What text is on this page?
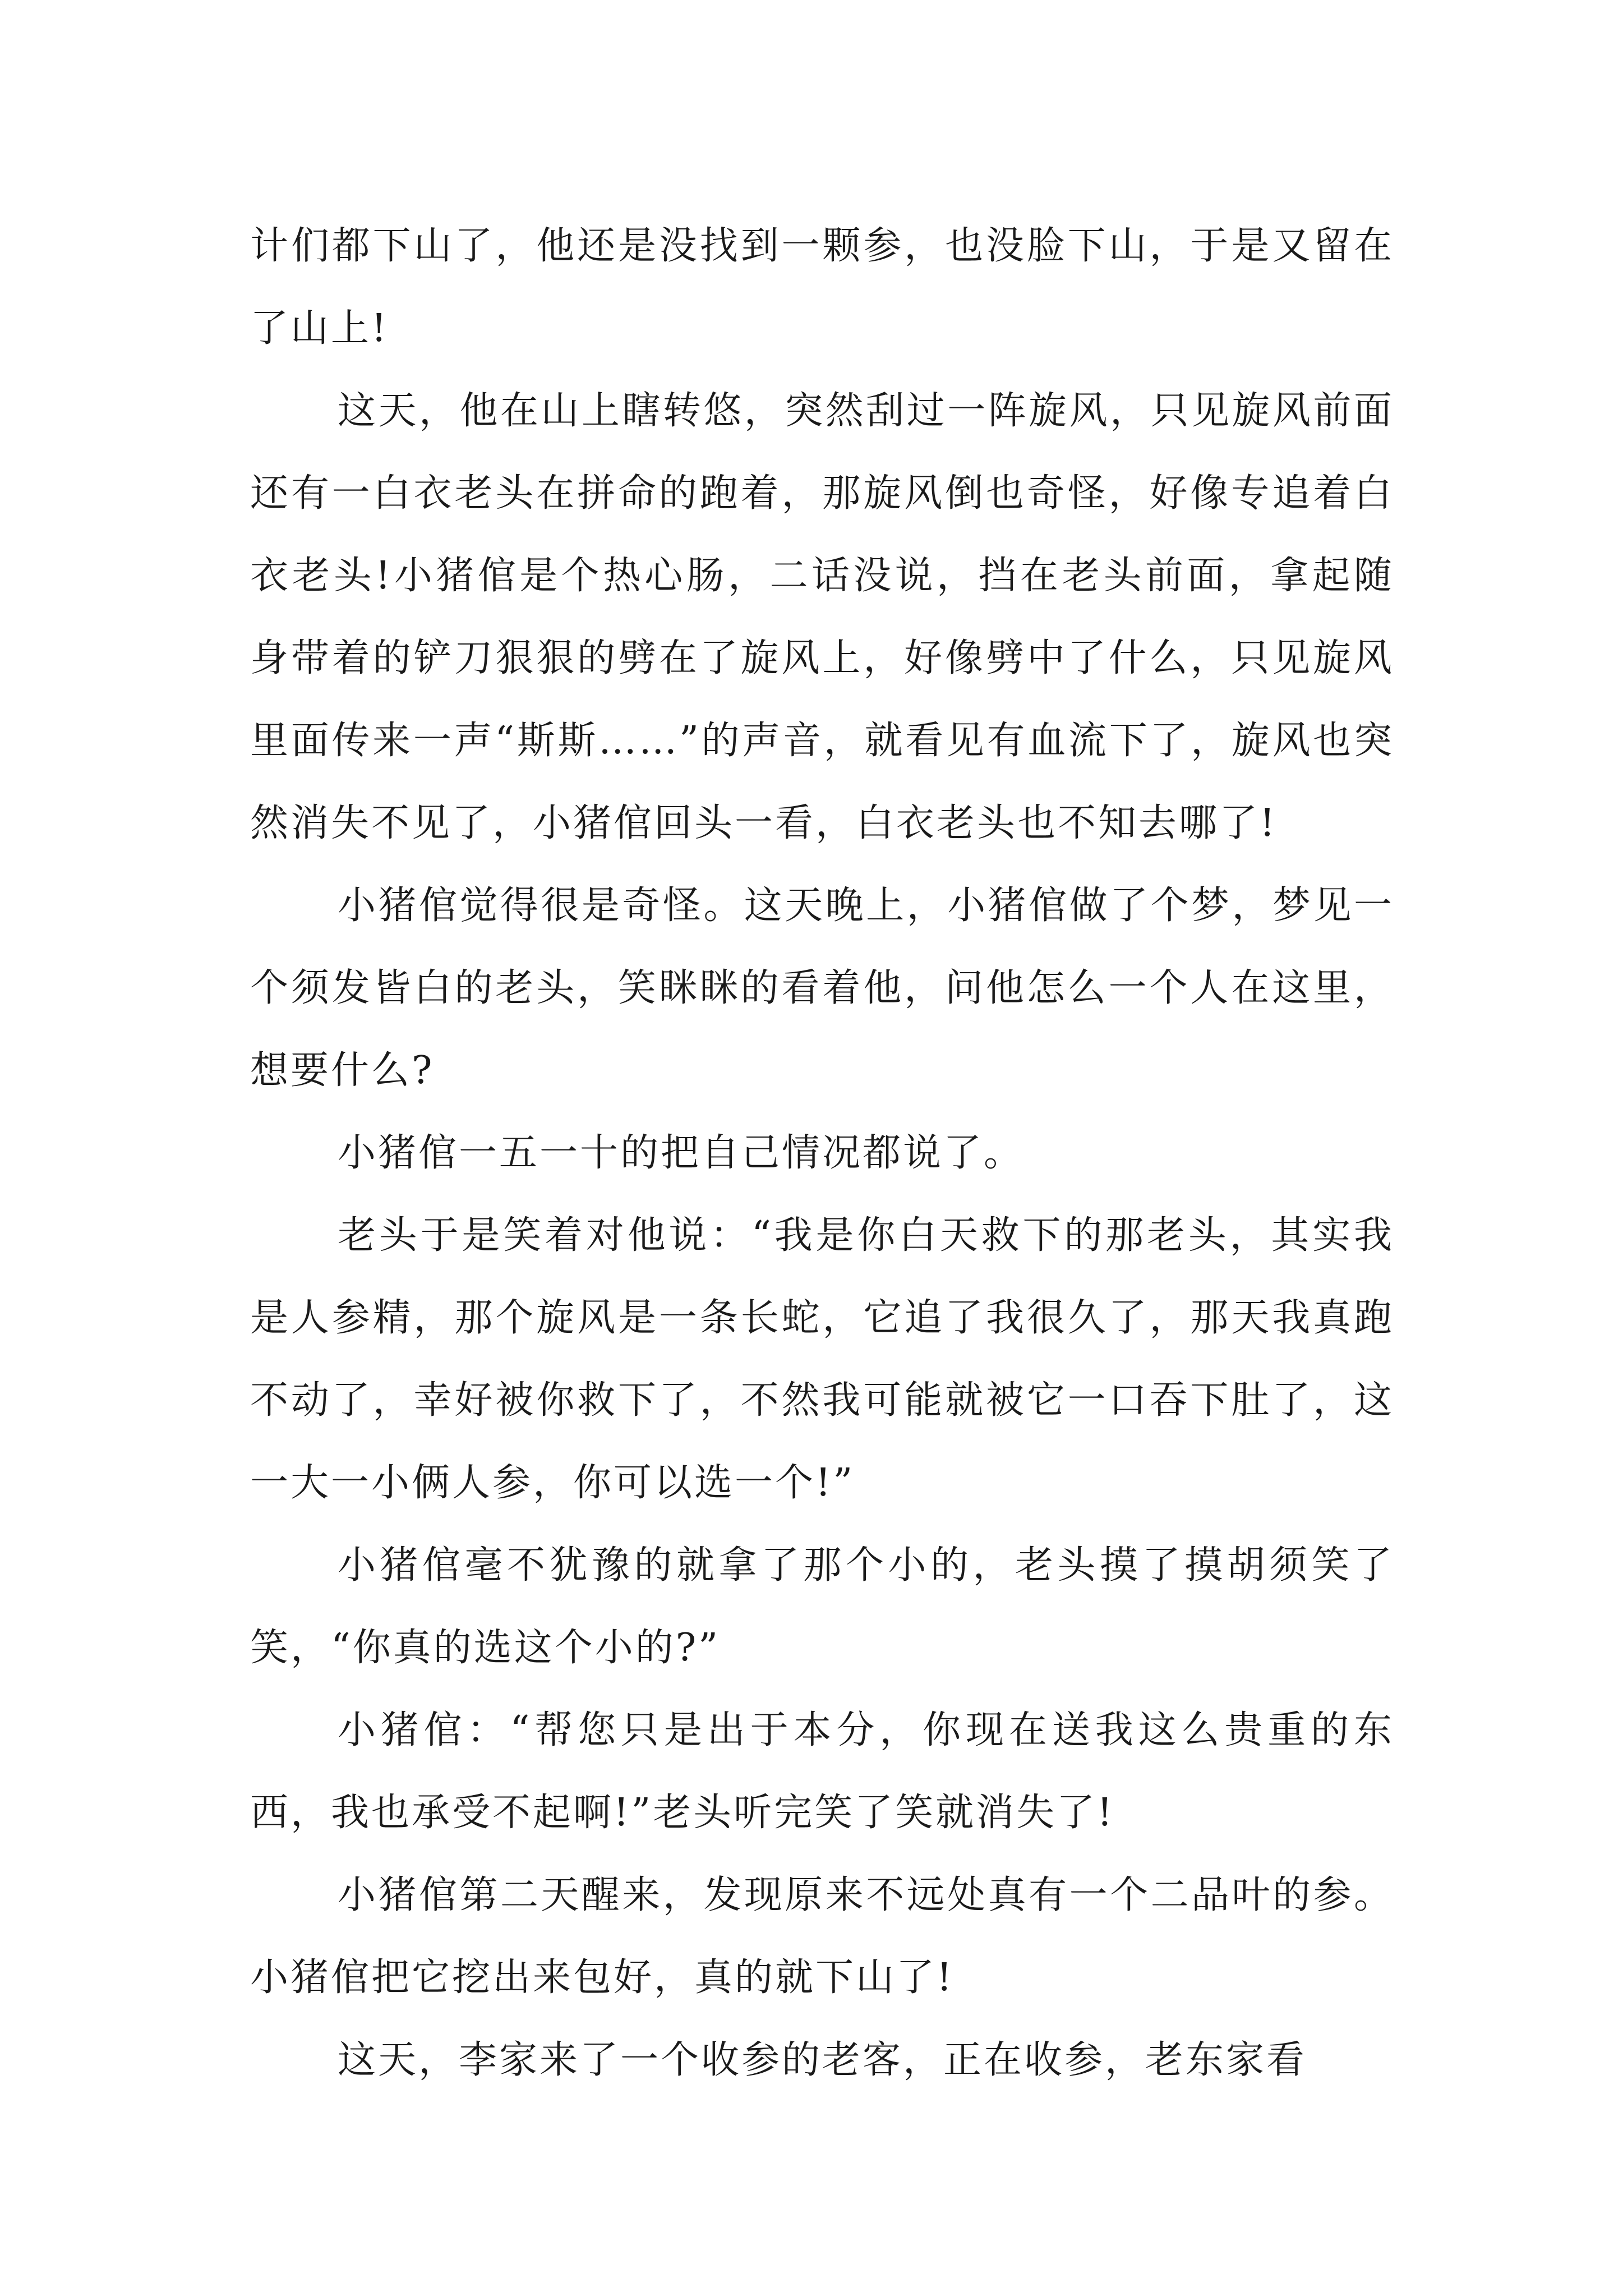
计们都下山了，他还是没找到一颗参，也没脸下山，于是又留在了山上!

这天，他在山上瞎转悠，突然刮过一阵旋风，只见旋风前面还有一白衣老头在拼命的跑着，那旋风倒也奇怪，好像专追着白衣老头!小猪倌是个热心肠，二话没说，挡在老头前面，拿起随身带着的铲刀狠狠的劈在了旋风上，好像劈中了什么，只见旋风里面传来一声“斯斯……”的声音，就看见有血流下了，旋风也突然消失不见了，小猪倌回头一看，白衣老头也不知去哪了!

小猪倌觉得很是奇怪。这天晚上，小猪倌做了个梦，梦见一个须发皆白的老头，笑眯眯的看着他，问他怎么一个人在这里，想要什么?

小猪倌一五一十的把自己情况都说了。

老头于是笑着对他说：“我是你白天救下的那老头，其实我是人参精，那个旋风是一条长蛇，它追了我很久了，那天我真跑不动了，幸好被你救下了，不然我可能就被它一口吞下肚了，这一大一小俩人参，你可以选一个!”

小猪倌毫不犹豫的就拿了那个小的，老头摸了摸胡须笑了笑，“你真的选这个小的?”

小猪倌：“帮您只是出于本分，你现在送我这么贵重的东西，我也承受不起啊!”老头听完笑了笑就消失了!

小猪倌第二天醒来，发现原来不远处真有一个二品叶的参。小猪倌把它挖出来包好，真的就下山了!

这天，李家来了一个收参的老客，正在收参，老东家看
